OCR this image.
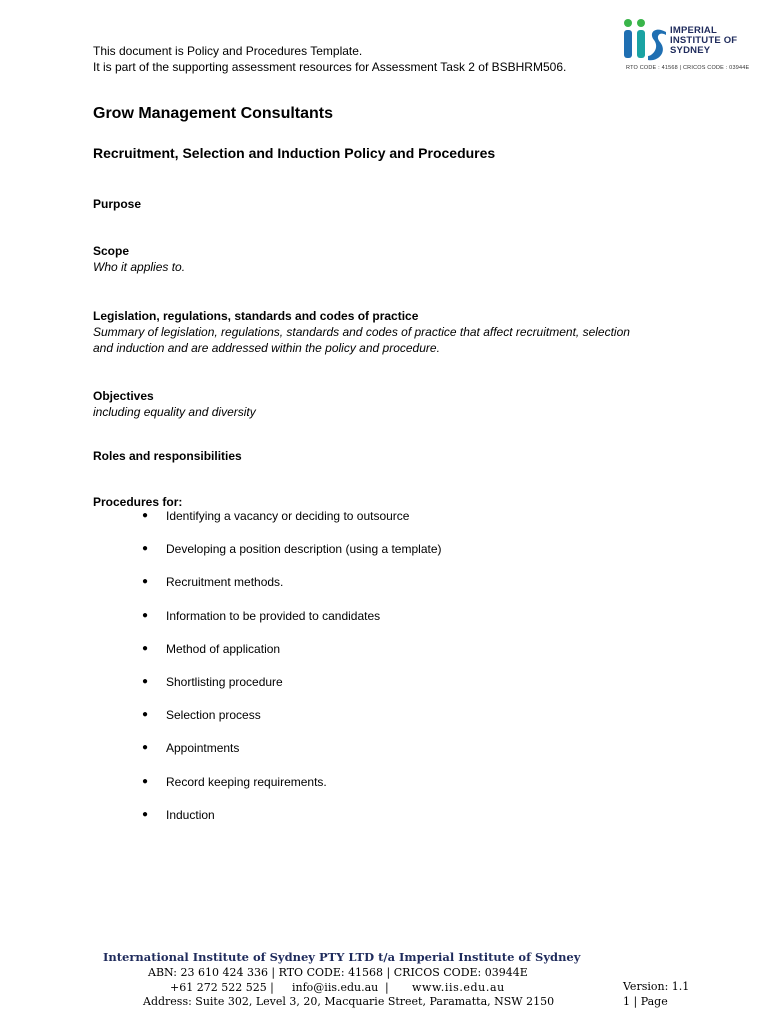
This document is Policy and Procedures Template.
It is part of the supporting assessment resources for Assessment Task 2 of BSBHRM506.
IMPERIAL
INSTITUTE OF
SYDNEY
RTO CODE : 41568 | CRICOS CODE : 03944E
Grow Management Consultants
Recruitment, Selection and Induction Policy and Procedures
Purpose
Scope

Who it applies to.

Legislation, regulations, standards and codes of practice

Summary of legislation, regulations, standards and codes of practice that affect recruitment, selection

and induction and are addressed within the policy and procedure.

Objectives

including equality and diversity

Roles and responsibilities
Procedures for:
● Identifying a vacancy or deciding to outsource
● Developing a position description (using a template)
● Recruitment methods.
● Information to be provided to candidates
● Method of application
● Shortlisting procedure
● Selection process
● Appointments
● Record keeping requirements.
● Induction
International Institute of Sydney PTY LTD t/a Imperial Institute of Sydney
ABN: 23 610 424 336 | RTO CODE: 41568 | CRICOS CODE: 03944E
+61 272 522 525 | info@iis.edu.au | www.iis.edu.au
Address: Suite 302, Level 3, 20, Macquarie Street, Paramatta, NSW 2150
Version: 1.1
1 | Page
